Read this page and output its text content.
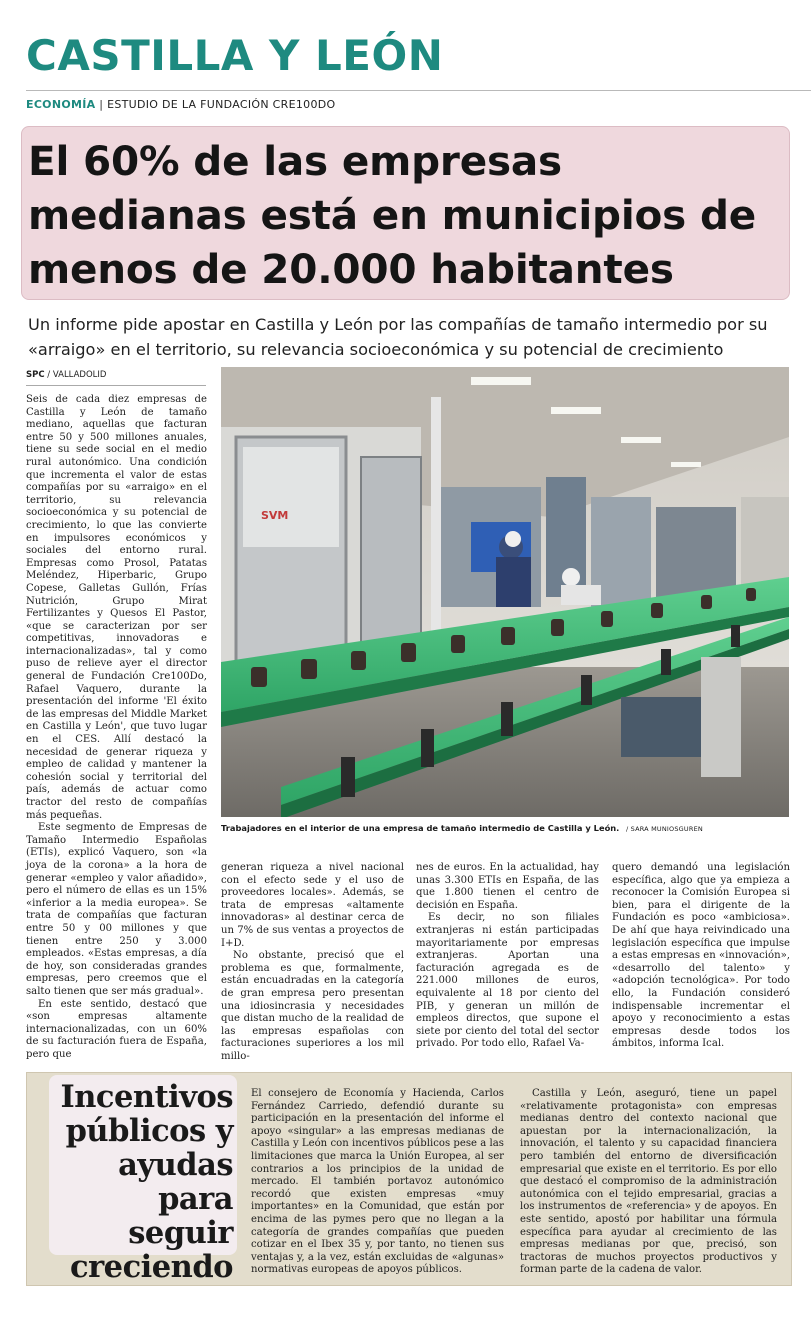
CASTILLA Y LEÓN
ECONOMÍA | ESTUDIO DE LA FUNDACIÓN CRE100DO
El 60% de las empresas medianas está en municipios de menos de 20.000 habitantes

Un informe pide apostar en Castilla y León por las compañías de tamaño intermedio por su «arraigo» en el territorio, su relevancia socioeconómica y su potencial de crecimiento

SPC / VALLADOLID

Seis de cada diez empresas de Castilla y León de tamaño mediano, aquellas que facturan entre 50 y 500 millones anuales, tiene su sede social en el medio rural autonómico. Una condición que incrementa el valor de estas compañías por su «arraigo» en el territorio, su relevancia socioeconómica y su potencial de crecimiento, lo que las convierte en impulsores económicos y sociales del entorno rural. Empresas como Prosol, Patatas Meléndez, Hiperbaric, Grupo Copese, Galletas Gullón, Frías Nutrición, Grupo Mirat Fertilizantes y Quesos El Pastor, «que se caracterizan por ser competitivas, innovadoras e internacionalizadas», tal y como puso de relieve ayer el director general de Fundación Cre100Do, Rafael Vaquero, durante la presentación del informe 'El éxito de las empresas del Middle Market en Castilla y León', que tuvo lugar en el CES. Allí destacó la necesidad de generar riqueza y empleo de calidad y mantener la cohesión social y territorial del país, además de actuar como tractor del resto de compañías más pequeñas.

Este segmento de Empresas de Tamaño Intermedio Españolas (ETIs), explicó Vaquero, son «la joya de la corona» a la hora de generar «empleo y valor añadido», pero el número de ellas es un 15% «inferior a la media europea». Se trata de compañías que facturan entre 50 y 00 millones y que tienen entre 250 y 3.000 empleados. «Estas empresas, a día de hoy, son consideradas grandes empresas, pero creemos que el salto tienen que ser más gradual».

En este sentido, destacó que «son empresas altamente internacionalizadas, con un 60% de su facturación fuera de España, pero que

SVM
Trabajadores en el interior de una empresa de tamaño intermedio de Castilla y León. / SARA MUNIOSGUREN

generan riqueza a nivel nacional con el efecto sede y el uso de proveedores locales». Además, se trata de empresas «altamente innovadoras» al destinar cerca de un 7% de sus ventas a proyectos de I+D.

No obstante, precisó que el problema es que, formalmente, están encuadradas en la categoría de gran empresa pero presentan una idiosincrasia y necesidades que distan mucho de la realidad de las empresas españolas con facturaciones superiores a los mil millo-

nes de euros. En la actualidad, hay unas 3.300 ETIs en España, de las que 1.800 tienen el centro de decisión en España.

Es decir, no son filiales extranjeras ni están participadas mayoritariamente por empresas extranjeras. Aportan una facturación agregada es de 221.000 millones de euros, equivalente al 18 por ciento del PIB, y generan un millón de empleos directos, que supone el siete por ciento del total del sector privado. Por todo ello, Rafael Va-

quero demandó una legislación específica, algo que ya empieza a reconocer la Comisión Europea si bien, para el dirigente de la Fundación es poco «ambiciosa». De ahí que haya reivindicado una legislación específica que impulse a estas empresas en «innovación», «desarrollo del talento» y «adopción tecnológica». Por todo ello, la Fundación consideró indispensable incrementar el apoyo y reconocimiento a estas empresas desde todos los ámbitos, informa Ical.

Incentivos públicos y ayudas para seguir creciendo

El consejero de Economía y Hacienda, Carlos Fernández Carriedo, defendió durante su participación en la presentación del informe el apoyo «singular» a las empresas medianas de Castilla y León con incentivos públicos pese a las limitaciones que marca la Unión Europea, al ser contrarios a los principios de la unidad de mercado. El también portavoz autonómico recordó que existen empresas «muy importantes» en la Comunidad, que están por encima de las pymes pero que no llegan a la categoría de grandes compañías que pueden cotizar en el Ibex 35 y, por tanto, no tienen sus ventajas y, a la vez, están excluidas de «algunas» normativas europeas de apoyos públicos.

Castilla y León, aseguró, tiene un papel «relativamente protagonista» con empresas medianas dentro del contexto nacional que apuestan por la internacionalización, la innovación, el talento y su capacidad financiera pero también del entorno de diversificación empresarial que existe en el territorio. Es por ello que destacó el compromiso de la administración autonómica con el tejido empresarial, gracias a los instrumentos de «referencia» y de apoyos. En este sentido, apostó por habilitar una fórmula específica para ayudar al crecimiento de las empresas medianas por que, precisó, son tractoras de muchos proyectos productivos y forman parte de la cadena de valor.
